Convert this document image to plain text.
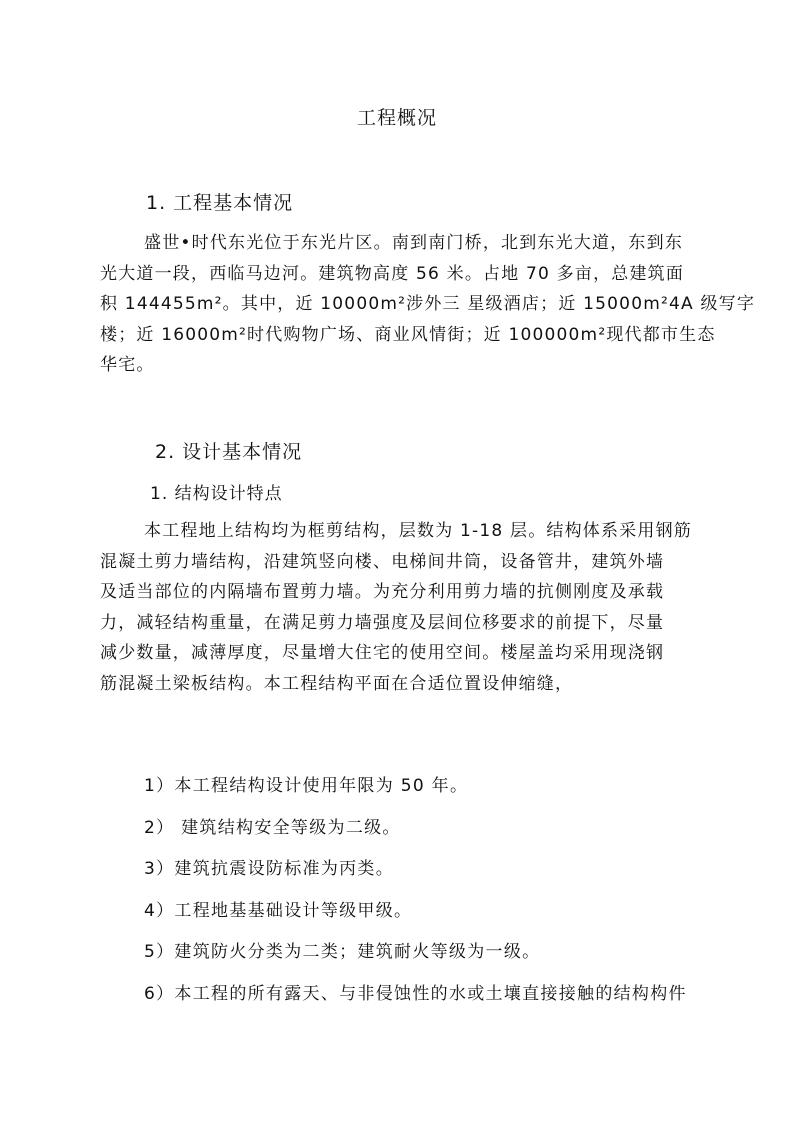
工程概况
1. 工程基本情况
盛世•时代东光位于东光片区。南到南门桥，北到东光大道，东到东
光大道一段，西临马边河。建筑物高度 56 米。占地 70 多亩，总建筑面
积 144455m²。其中，近 10000m²涉外三 星级酒店；近 15000m²4A 级写字
楼；近 16000m²时代购物广场、商业风情街；近 100000m²现代都市生态
华宅。
2. 设计基本情况
1. 结构设计特点
本工程地上结构均为框剪结构，层数为 1-18 层。结构体系采用钢筋
混凝土剪力墙结构，沿建筑竖向楼、电梯间井筒，设备管井，建筑外墙
及适当部位的内隔墙布置剪力墙。为充分利用剪力墙的抗侧刚度及承载
力，减轻结构重量，在满足剪力墙强度及层间位移要求的前提下，尽量
减少数量，减薄厚度，尽量增大住宅的使用空间。楼屋盖均采用现浇钢
筋混凝土梁板结构。本工程结构平面在合适位置设伸缩缝，
1）本工程结构设计使用年限为 50 年。
2） 建筑结构安全等级为二级。
3）建筑抗震设防标准为丙类。
4）工程地基基础设计等级甲级。
5）建筑防火分类为二类；建筑耐火等级为一级。
6）本工程的所有露天、与非侵蚀性的水或土壤直接接触的结构构件
